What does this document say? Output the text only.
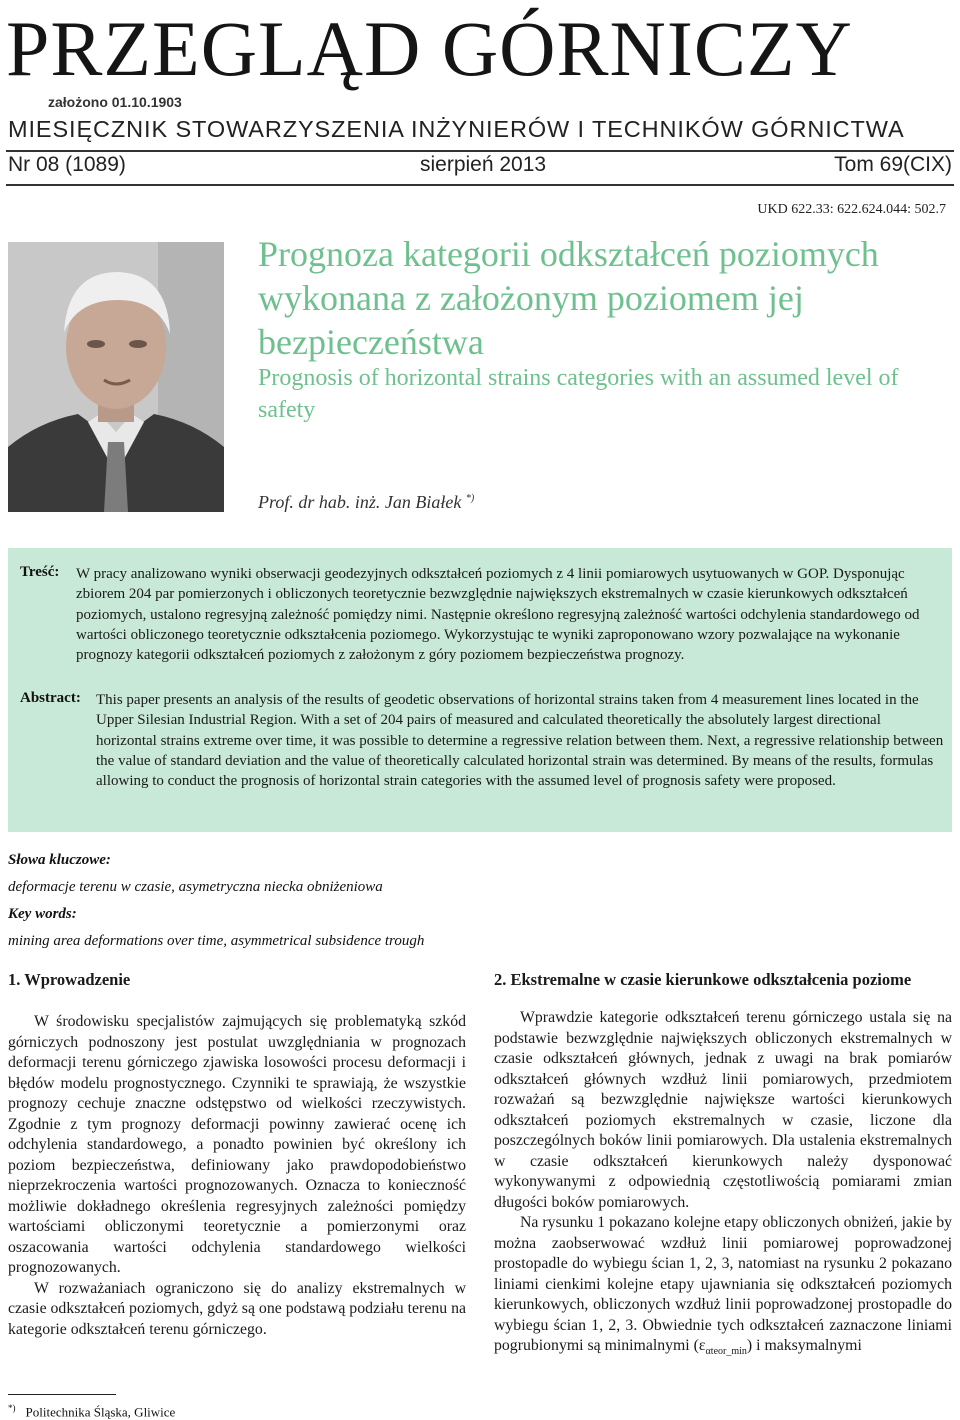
PRZEGLĄD GÓRNICZY
założono 01.10.1903
MIESIĘCZNIK STOWARZYSZENIA INŻYNIERÓW I TECHNIKÓW GÓRNICTWA
Nr 08 (1089)	sierpień 2013	Tom 69(CIX)
UKD 622.33: 622.624.044: 502.7
Prognoza kategorii odkształceń poziomych wykonana z założonym poziomem jej bezpieczeństwa
Prognosis of horizontal strains categories with an assumed level of safety
Prof. dr hab. inż. Jan Białek *)
Treść: W pracy analizowano wyniki obserwacji geodezyjnych odkształceń poziomych z 4 linii pomiarowych usytuowanych w GOP. Dysponując zbiorem 204 par pomierzonych i obliczonych teoretycznie bezwzględnie największych ekstremalnych w czasie kierunkowych odkształceń poziomych, ustalono regresyjną zależność pomiędzy nimi. Następnie określono regresyjną zależność wartości odchylenia standardowego od wartości obliczonego teoretycznie odkształcenia poziomego. Wykorzystując te wyniki zaproponowano wzory pozwalające na wykonanie prognozy kategorii odkształceń poziomych z założonym z góry poziomem bezpieczeństwa prognozy.
Abstract: This paper presents an analysis of the results of geodetic observations of horizontal strains taken from 4 measurement lines located in the Upper Silesian Industrial Region. With a set of 204 pairs of measured and calculated theoretically the absolutely largest directional horizontal strains extreme over time, it was possible to determine a regressive relation between them. Next, a regressive relationship between the value of standard deviation and the value of theoretically calculated horizontal strain was determined. By means of the results, formulas allowing to conduct the prognosis of horizontal strain categories with the assumed level of prognosis safety were proposed.
Słowa kluczowe:
deformacje terenu w czasie, asymetryczna niecka obniżeniowa
Key words:
mining area deformations over time, asymmetrical subsidence trough
1. Wprowadzenie

W środowisku specjalistów zajmujących się problematyką szkód górniczych podnoszony jest postulat uwzględniania w prognozach deformacji terenu górniczego zjawiska losowości procesu deformacji i błędów modelu prognostycznego. Czynniki te sprawiają, że wszystkie prognozy cechuje znaczne odstępstwo od wielkości rzeczywistych. Zgodnie z tym prognozy deformacji powinny zawierać ocenę ich odchylenia standardowego, a ponadto powinien być określony ich poziom bezpieczeństwa, definiowany jako prawdopodobieństwo nieprzekroczenia wartości prognozowanych. Oznacza to konieczność możliwie dokładnego określenia regresyjnych zależności pomiędzy wartościami obliczonymi teoretycznie a pomierzonymi oraz oszacowania wartości odchylenia standardowego wielkości prognozowanych.

W rozważaniach ograniczono się do analizy ekstremalnych w czasie odkształceń poziomych, gdyż są one podstawą podziału terenu na kategorie odkształceń terenu górniczego.

2. Ekstremalne w czasie kierunkowe odkształcenia poziome

Wprawdzie kategorie odkształceń terenu górniczego ustala się na podstawie bezwzględnie największych obliczonych ekstremalnych w czasie odkształceń głównych, jednak z uwagi na brak pomiarów odkształceń głównych wzdłuż linii pomiarowych, przedmiotem rozważań są bezwzględnie największe wartości kierunkowych odkształceń poziomych ekstremalnych w czasie, liczone dla poszczególnych boków linii pomiarowych. Dla ustalenia ekstremalnych w czasie odkształceń kierunkowych należy dysponować wykonywanymi z odpowiednią częstotliwością pomiarami zmian długości boków pomiarowych.

Na rysunku 1 pokazano kolejne etapy obliczonych obniżeń, jakie by można zaobserwować wzdłuż linii pomiarowej poprowadzonej prostopadle do wybiegu ścian 1, 2, 3, natomiast na rysunku 2 pokazano liniami cienkimi kolejne etapy ujawniania się odkształceń poziomych kierunkowych, obliczonych wzdłuż linii poprowadzonej prostopadle do wybiegu ścian 1, 2, 3. Obwiednie tych odkształceń zaznaczone liniami pogrubionymi są minimalnymi $(\varepsilon_{\alpha teor\_min})$ i maksymalnymi

*) Politechnika Śląska, Gliwice
